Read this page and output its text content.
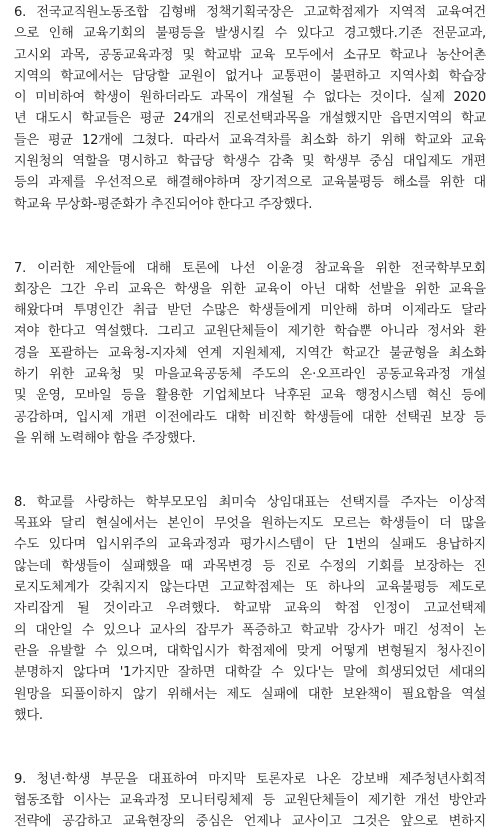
6. 전국교직원노동조합 김형배 정책기획국장은 고교학점제가 지역적 교육여건
으로 인해 교육기회의 불평등을 발생시킬 수 있다고 경고했다.기존 전문교과,
고시외 과목, 공동교육과정 및 학교밖 교육 모두에서 소규모 학교나 농산어촌
지역의 학교에서는 담당할 교원이 없거나 교통편이 불편하고 지역사회 학습장
이 미비하여 학생이 원하더라도 과목이 개설될 수 없다는 것이다. 실제 2020
년 대도시 학교들은 평균 24개의 진로선택과목을 개설했지만 읍면지역의 학교
들은 평균 12개에 그쳤다. 따라서 교육격차를 최소화 하기 위해 학교와 교육
지원청의 역할을 명시하고 학급당 학생수 감축 및 학생부 중심 대입제도 개편
등의 과제를 우선적으로 해결해야하며 장기적으로 교육불평등 해소를 위한 대
학교육 무상화-평준화가 추진되어야 한다고 주장했다.
7. 이러한 제안들에 대해 토론에 나선 이윤경 참교육을 위한 전국학부모회
회장은 그간 우리 교육은 학생을 위한 교육이 아닌 대학 선발을 위한 교육을
해왔다며 투명인간 취급 받던 수많은 학생들에게 미안해 하며 이제라도 달라
져야 한다고 역설했다. 그리고 교원단체들이 제기한 학습뿐 아니라 정서와 환
경을 포괄하는 교육청-지자체 연계 지원체제, 지역간 학교간 불균형을 최소화
하기 위한 교육청 및 마을교육공동체 주도의 온·오프라인 공동교육과정 개설
및 운영, 모바일 등을 활용한 기업체보다 낙후된 교육 행정시스템 혁신 등에
공감하며, 입시제 개편 이전에라도 대학 비진학 학생들에 대한 선택권 보장 등
을 위해 노력해야 함을 주장했다.
8. 학교를 사랑하는 학부모모임 최미숙 상임대표는 선택지를 주자는 이상적
목표와 달리 현실에서는 본인이 무엇을 원하는지도 모르는 학생들이 더 많을
수도 있다며 입시위주의 교육과정과 평가시스템이 단 1번의 실패도 용납하지
않는데 학생들이 실패했을 때 과목변경 등 진로 수정의 기회를 보장하는 진
로지도체계가 갖춰지지 않는다면 고교학점제는 또 하나의 교육불평등 제도로
자리잡게 될 것이라고 우려했다. 학교밖 교육의 학점 인정이 고교선택제
의 대안일 수 있으나 교사의 잡무가 폭증하고 학교밖 강사가 매긴 성적이 논
란을 유발할 수 있으며, 대학입시가 학점제에 맞게 어떻게 변형될지 청사진이
분명하지 않다며 '1가지만 잘하면 대학갈 수 있다'는 말에 희생되었던 세대의
원망을 되풀이하지 않기 위해서는 제도 실패에 대한 보완책이 필요함을 역설
했다.
9. 청년·학생 부문을 대표하여 마지막 토론자로 나온 강보배 제주청년사회적
협동조합 이사는 교육과정 모니터링체제 등 교원단체들이 제기한 개선 방안과
전략에 공감하고 교육현장의 중심은 언제나 교사이고 그것은 앞으로 변하지
